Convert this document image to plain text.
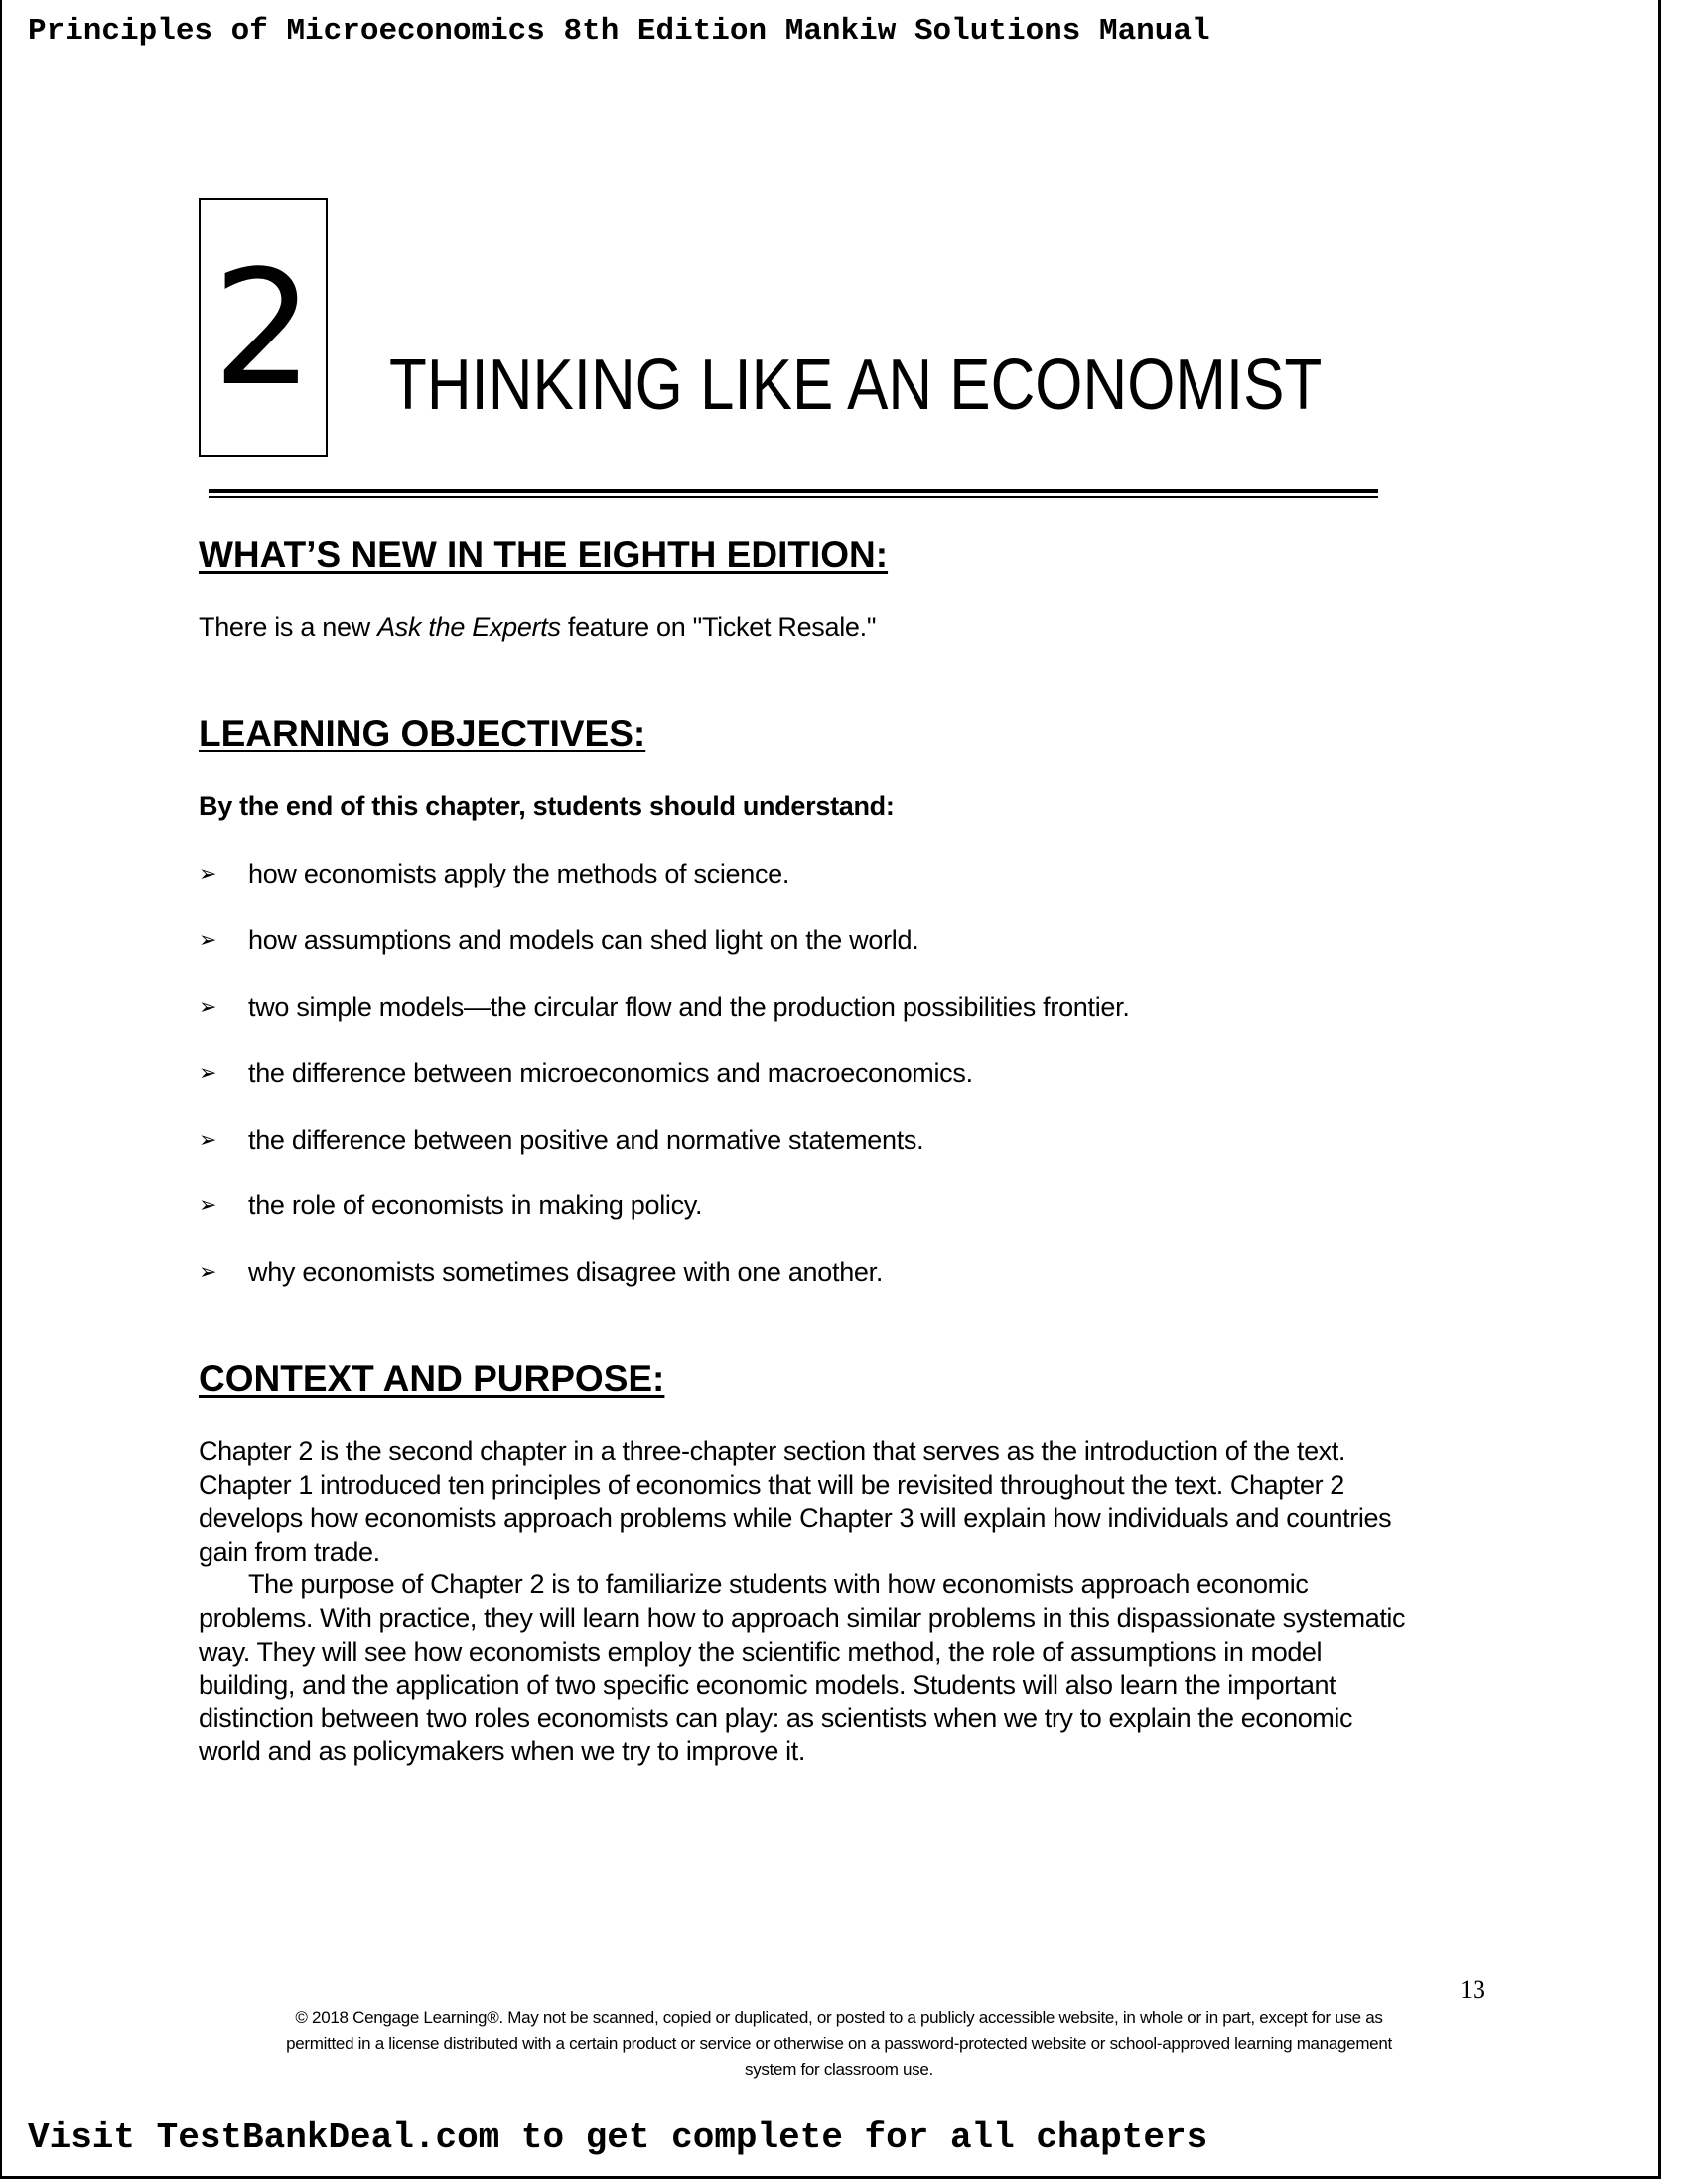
Principles of Microeconomics 8th Edition Mankiw Solutions Manual
2 THINKING LIKE AN ECONOMIST
WHAT’S NEW IN THE EIGHTH EDITION:
There is a new Ask the Experts feature on "Ticket Resale."
LEARNING OBJECTIVES:
By the end of this chapter, students should understand:
➢ how economists apply the methods of science.
➢ how assumptions and models can shed light on the world.
➢ two simple models—the circular flow and the production possibilities frontier.
➢ the difference between microeconomics and macroeconomics.
➢ the difference between positive and normative statements.
➢ the role of economists in making policy.
➢ why economists sometimes disagree with one another.
CONTEXT AND PURPOSE:
Chapter 2 is the second chapter in a three-chapter section that serves as the introduction of the text.
Chapter 1 introduced ten principles of economics that will be revisited throughout the text. Chapter 2
develops how economists approach problems while Chapter 3 will explain how individuals and countries
gain from trade.
The purpose of Chapter 2 is to familiarize students with how economists approach economic
problems. With practice, they will learn how to approach similar problems in this dispassionate systematic
way. They will see how economists employ the scientific method, the role of assumptions in model
building, and the application of two specific economic models. Students will also learn the important
distinction between two roles economists can play: as scientists when we try to explain the economic
world and as policymakers when we try to improve it.
13
© 2018 Cengage Learning®. May not be scanned, copied or duplicated, or posted to a publicly accessible website, in whole or in part, except for use as
permitted in a license distributed with a certain product or service or otherwise on a password-protected website or school-approved learning management
system for classroom use.
Visit TestBankDeal.com to get complete for all chapters
